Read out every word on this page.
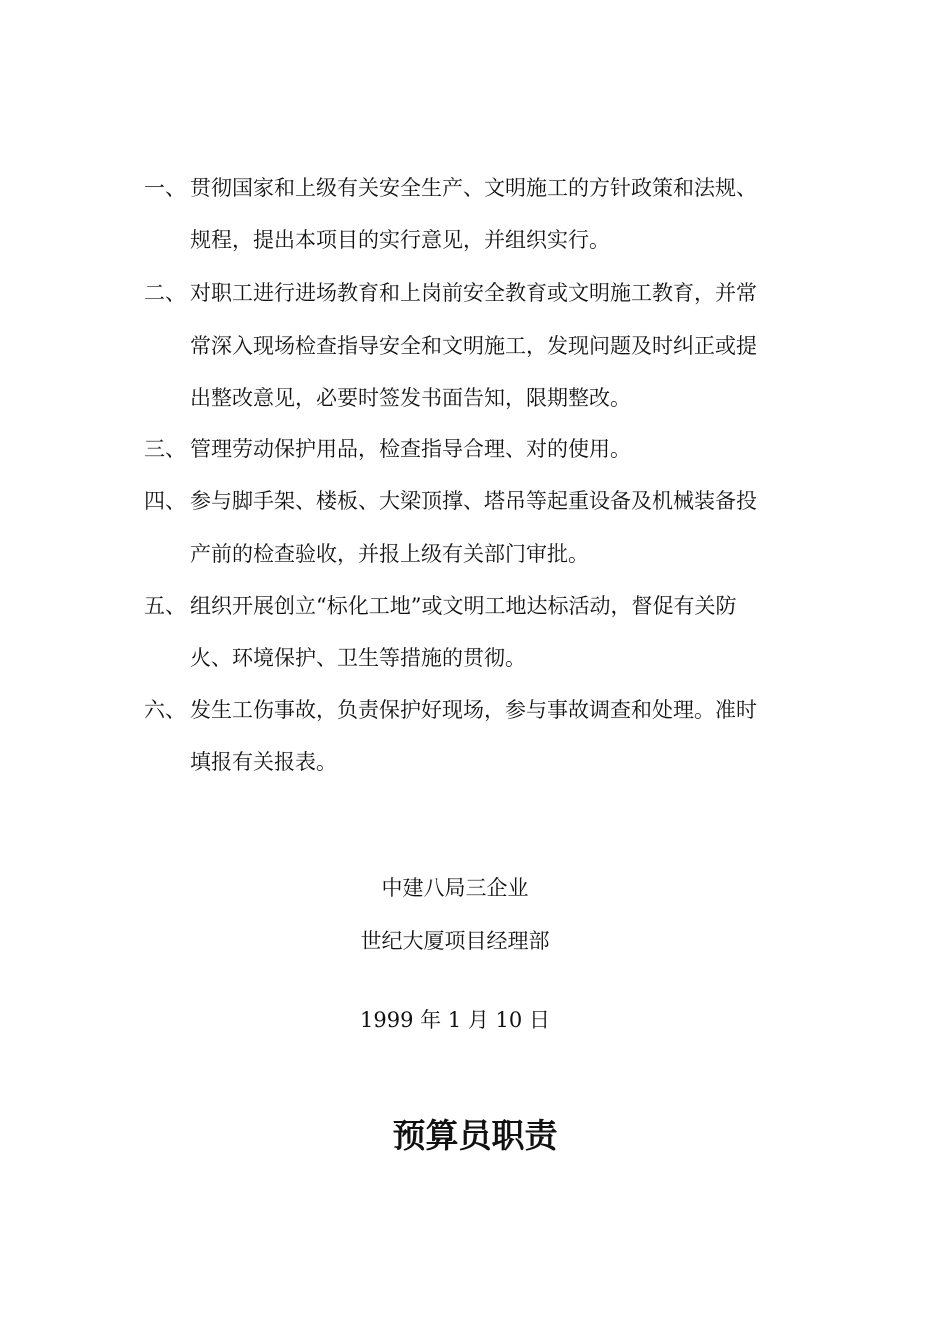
一、 贯彻国家和上级有关安全生产、文明施工的方针政策和法规、
规程，提出本项目的实行意见，并组织实行。
二、 对职工进行进场教育和上岗前安全教育或文明施工教育，并常
常深入现场检查指导安全和文明施工，发现问题及时纠正或提
出整改意见，必要时签发书面告知，限期整改。
三、 管理劳动保护用品，检查指导合理、对的使用。
四、 参与脚手架、楼板、大梁顶撑、塔吊等起重设备及机械装备投
产前的检查验收，并报上级有关部门审批。
五、 组织开展创立“标化工地”或文明工地达标活动，督促有关防
火、环境保护、卫生等措施的贯彻。
六、 发生工伤事故，负责保护好现场，参与事故调查和处理。准时
填报有关报表。
中建八局三企业
世纪大厦项目经理部
1999 年 1 月 10 日
预算员职责
